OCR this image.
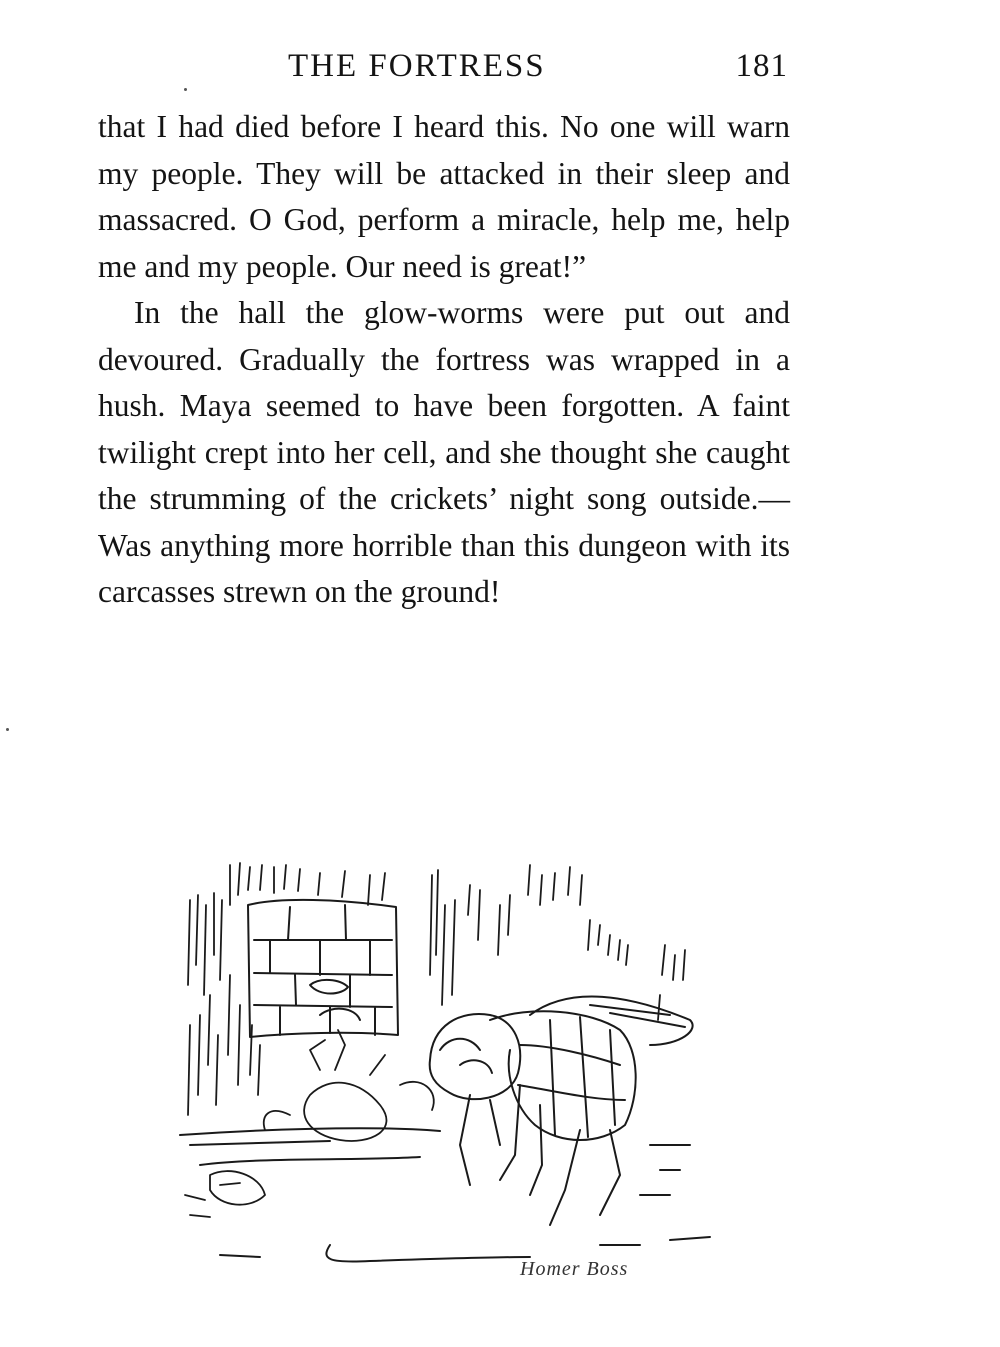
THE FORTRESS	181

that I had died before I heard this. No one will warn my people. They will be attacked in their sleep and massacred. O God, perform a miracle, help me, help me and my people. Our need is great!”

In the hall the glow-worms were put out and devoured. Gradually the fortress was wrapped in a hush. Maya seemed to have been forgotten. A faint twilight crept into her cell, and she thought she caught the strumming of the crickets’ night song outside.—Was anything more horrible than this dungeon with its carcasses strewn on the ground!

Homer Boss
